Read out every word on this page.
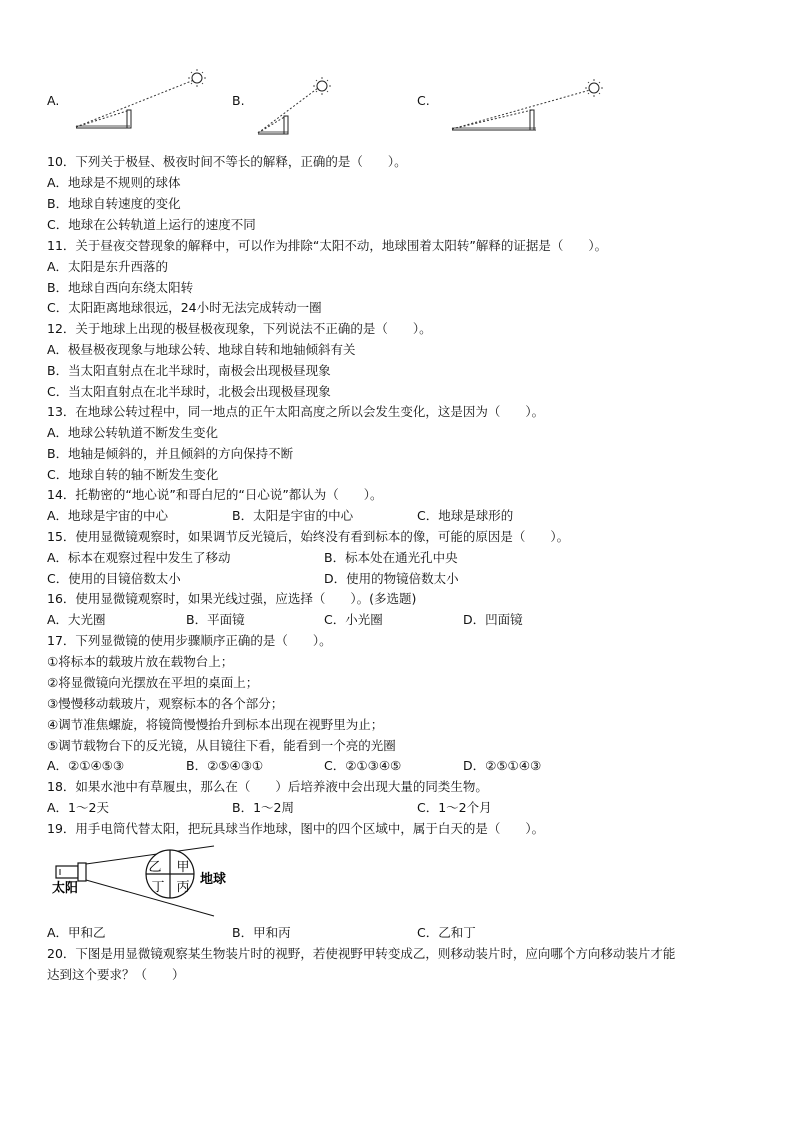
A.	B.	C.
10．下列关于极昼、极夜时间不等长的解释，正确的是（　　）。
A．地球是不规则的球体
B．地球自转速度的变化
C．地球在公转轨道上运行的速度不同
11．关于昼夜交替现象的解释中，可以作为排除“太阳不动，地球围着太阳转”解释的证据是（　　）。
A．太阳是东升西落的
B．地球自西向东绕太阳转
C．太阳距离地球很远，24小时无法完成转动一圈
12．关于地球上出现的极昼极夜现象，下列说法不正确的是（　　）。
A．极昼极夜现象与地球公转、地球自转和地轴倾斜有关
B．当太阳直射点在北半球时，南极会出现极昼现象
C．当太阳直射点在北半球时，北极会出现极昼现象
13．在地球公转过程中，同一地点的正午太阳高度之所以会发生变化，这是因为（　　）。
A．地球公转轨道不断发生变化
B．地轴是倾斜的，并且倾斜的方向保持不断
C．地球自转的轴不断发生变化
14．托勒密的“地心说”和哥白尼的“日心说”都认为（　　）。
A．地球是宇宙的中心	B．太阳是宇宙的中心	C．地球是球形的
15．使用显微镜观察时，如果调节反光镜后，始终没有看到标本的像，可能的原因是（　　）。
A．标本在观察过程中发生了移动	B．标本处在通光孔中央
C．使用的目镜倍数太小	D．使用的物镜倍数太小
16．使用显微镜观察时，如果光线过强，应选择（　　）。(多选题)
A．大光圈	B．平面镜	C．小光圈	D．凹面镜
17．下列显微镜的使用步骤顺序正确的是（　　）。
①将标本的载玻片放在载物台上；
②将显微镜向光摆放在平坦的桌面上；
③慢慢移动载玻片，观察标本的各个部分；
④调节准焦螺旋，将镜筒慢慢抬升到标本出现在视野里为止；
⑤调节载物台下的反光镜，从目镜往下看，能看到一个亮的光圈
A．②①④⑤③	B．②⑤④③①	C．②①③④⑤	D．②⑤①④③
18．如果水池中有草履虫，那么在（　　）后培养液中会出现大量的同类生物。
A．1～2天	B．1～2周	C．1～2个月
19．用手电筒代替太阳，把玩具球当作地球，图中的四个区域中，属于白天的是（　　）。
乙 甲
丁 丙
太阳
地球
A．甲和乙	B．甲和丙	C．乙和丁
20．下图是用显微镜观察某生物装片时的视野，若使视野甲转变成乙，则移动装片时，应向哪个方向移动装片才能
达到这个要求？（　　）
